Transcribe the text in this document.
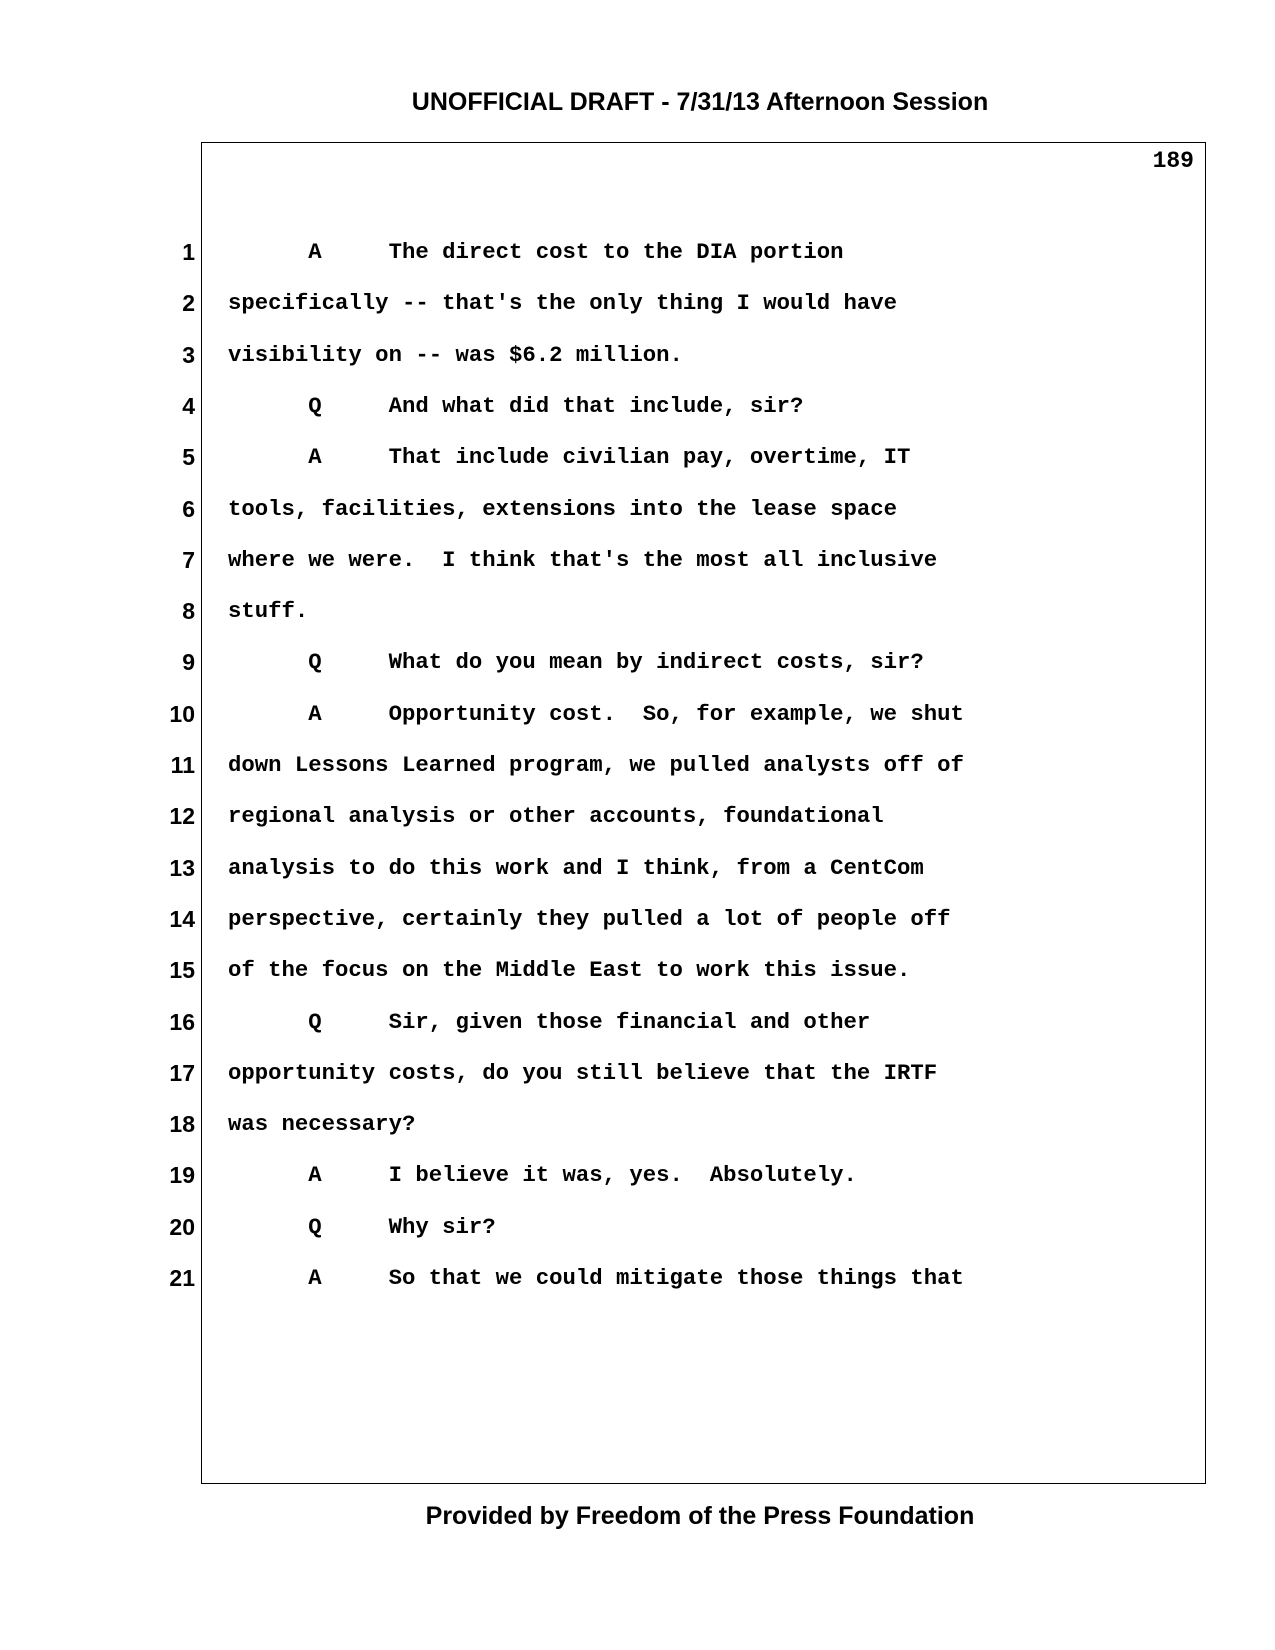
UNOFFICIAL DRAFT - 7/31/13 Afternoon Session
189
1 A     The direct cost to the DIA portion
2 specifically -- that's the only thing I would have
3 visibility on -- was $6.2 million.
4 Q     And what did that include, sir?
5 A     That include civilian pay, overtime, IT
6 tools, facilities, extensions into the lease space
7 where we were.  I think that's the most all inclusive
8 stuff.
9 Q     What do you mean by indirect costs, sir?
10 A     Opportunity cost.  So, for example, we shut
11 down Lessons Learned program, we pulled analysts off of
12 regional analysis or other accounts, foundational
13 analysis to do this work and I think, from a CentCom
14 perspective, certainly they pulled a lot of people off
15 of the focus on the Middle East to work this issue.
16 Q     Sir, given those financial and other
17 opportunity costs, do you still believe that the IRTF
18 was necessary?
19 A     I believe it was, yes.  Absolutely.
20 Q     Why sir?
21 A     So that we could mitigate those things that
Provided by Freedom of the Press Foundation
